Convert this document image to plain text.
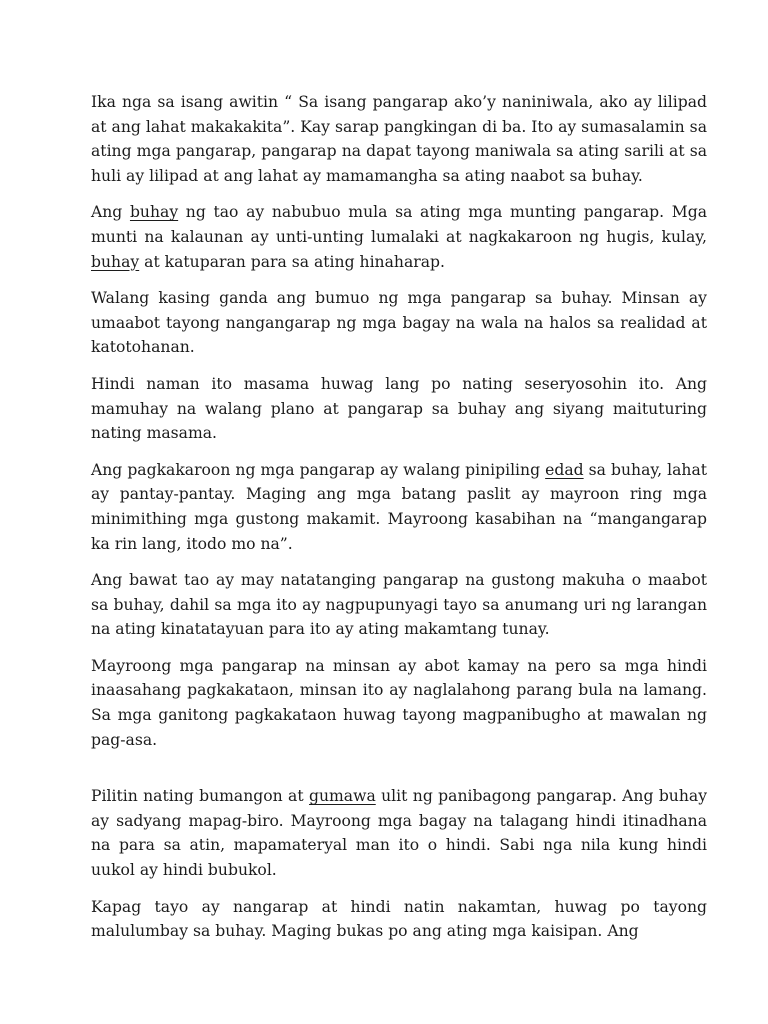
Ika nga sa isang awitin “ Sa isang pangarap ako’y naniniwala, ako ay lilipad at ang lahat makakakita”. Kay sarap pangkingan di ba. Ito ay sumasalamin sa ating mga pangarap, pangarap na dapat tayong maniwala sa ating sarili at sa huli ay lilipad at ang lahat ay mamamangha sa ating naabot sa buhay.

Ang buhay ng tao ay nabubuo mula sa ating mga munting pangarap. Mga munti na kalaunan ay unti-unting lumalaki at nagkakaroon ng hugis, kulay, buhay at katuparan para sa ating hinaharap.

Walang kasing ganda ang bumuo ng mga pangarap sa buhay. Minsan ay umaabot tayong nangangarap ng mga bagay na wala na halos sa realidad at katotohanan.

Hindi naman ito masama huwag lang po nating seseryosohin ito. Ang mamuhay na walang plano at pangarap sa buhay ang siyang maituturing nating masama.

Ang pagkakaroon ng mga pangarap ay walang pinipiling edad sa buhay, lahat ay pantay-pantay. Maging ang mga batang paslit ay mayroon ring mga minimithing mga gustong makamit. Mayroong kasabihan na “mangangarap ka rin lang, itodo mo na”.

Ang bawat tao ay may natatanging pangarap na gustong makuha o maabot sa buhay, dahil sa mga ito ay nagpupunyagi tayo sa anumang uri ng larangan na ating kinatatayuan para ito ay ating makamtang tunay.

Mayroong mga pangarap na minsan ay abot kamay na pero sa mga hindi inaasahang pagkakataon, minsan ito ay naglalahong parang bula na lamang. Sa mga ganitong pagkakataon huwag tayong magpanibugho at mawalan ng pag-asa.

Pilitin nating bumangon at gumawa ulit ng panibagong pangarap. Ang buhay ay sadyang mapag-biro. Mayroong mga bagay na talagang hindi itinadhana na para sa atin, mapamateryal man ito o hindi. Sabi nga nila kung hindi uukol ay hindi bubukol.

Kapag tayo ay nangarap at hindi natin nakamtan, huwag po tayong malulumbay sa buhay. Maging bukas po ang ating mga kaisipan. Ang
